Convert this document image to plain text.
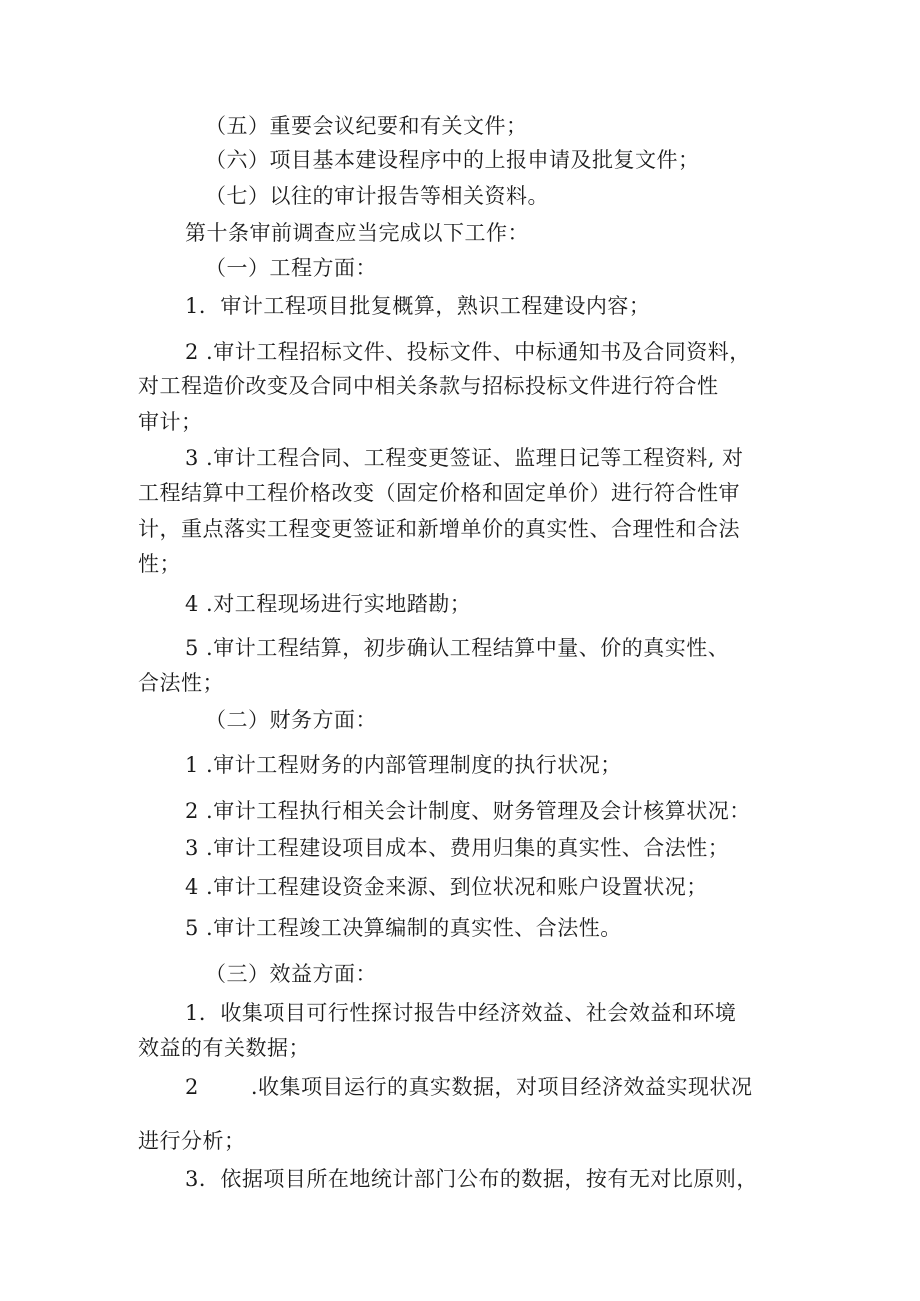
（五）重要会议纪要和有关文件；
（六）项目基本建设程序中的上报申请及批复文件；
（七）以往的审计报告等相关资料。
第十条审前调查应当完成以下工作：
（一）工程方面：
1．审计工程项目批复概算，熟识工程建设内容；
2 .审计工程招标文件、投标文件、中标通知书及合同资料，
对工程造价改变及合同中相关条款与招标投标文件进行符合性
审计；
3 .审计工程合同、工程变更签证、监理日记等工程资料, 对
工程结算中工程价格改变（固定价格和固定单价）进行符合性审
计，重点落实工程变更签证和新增单价的真实性、合理性和合法
性；
4 .对工程现场进行实地踏勘；
5 .审计工程结算，初步确认工程结算中量、价的真实性、
合法性；
（二）财务方面：
1 .审计工程财务的内部管理制度的执行状况；
2 .审计工程执行相关会计制度、财务管理及会计核算状况：
3 .审计工程建设项目成本、费用归集的真实性、合法性；
4 .审计工程建设资金来源、到位状况和账户设置状况；
5 .审计工程竣工决算编制的真实性、合法性。
（三）效益方面：
1．收集项目可行性探讨报告中经济效益、社会效益和环境
效益的有关数据；
2 .收集项目运行的真实数据，对项目经济效益实现状况
进行分析；
3．依据项目所在地统计部门公布的数据，按有无对比原则，
